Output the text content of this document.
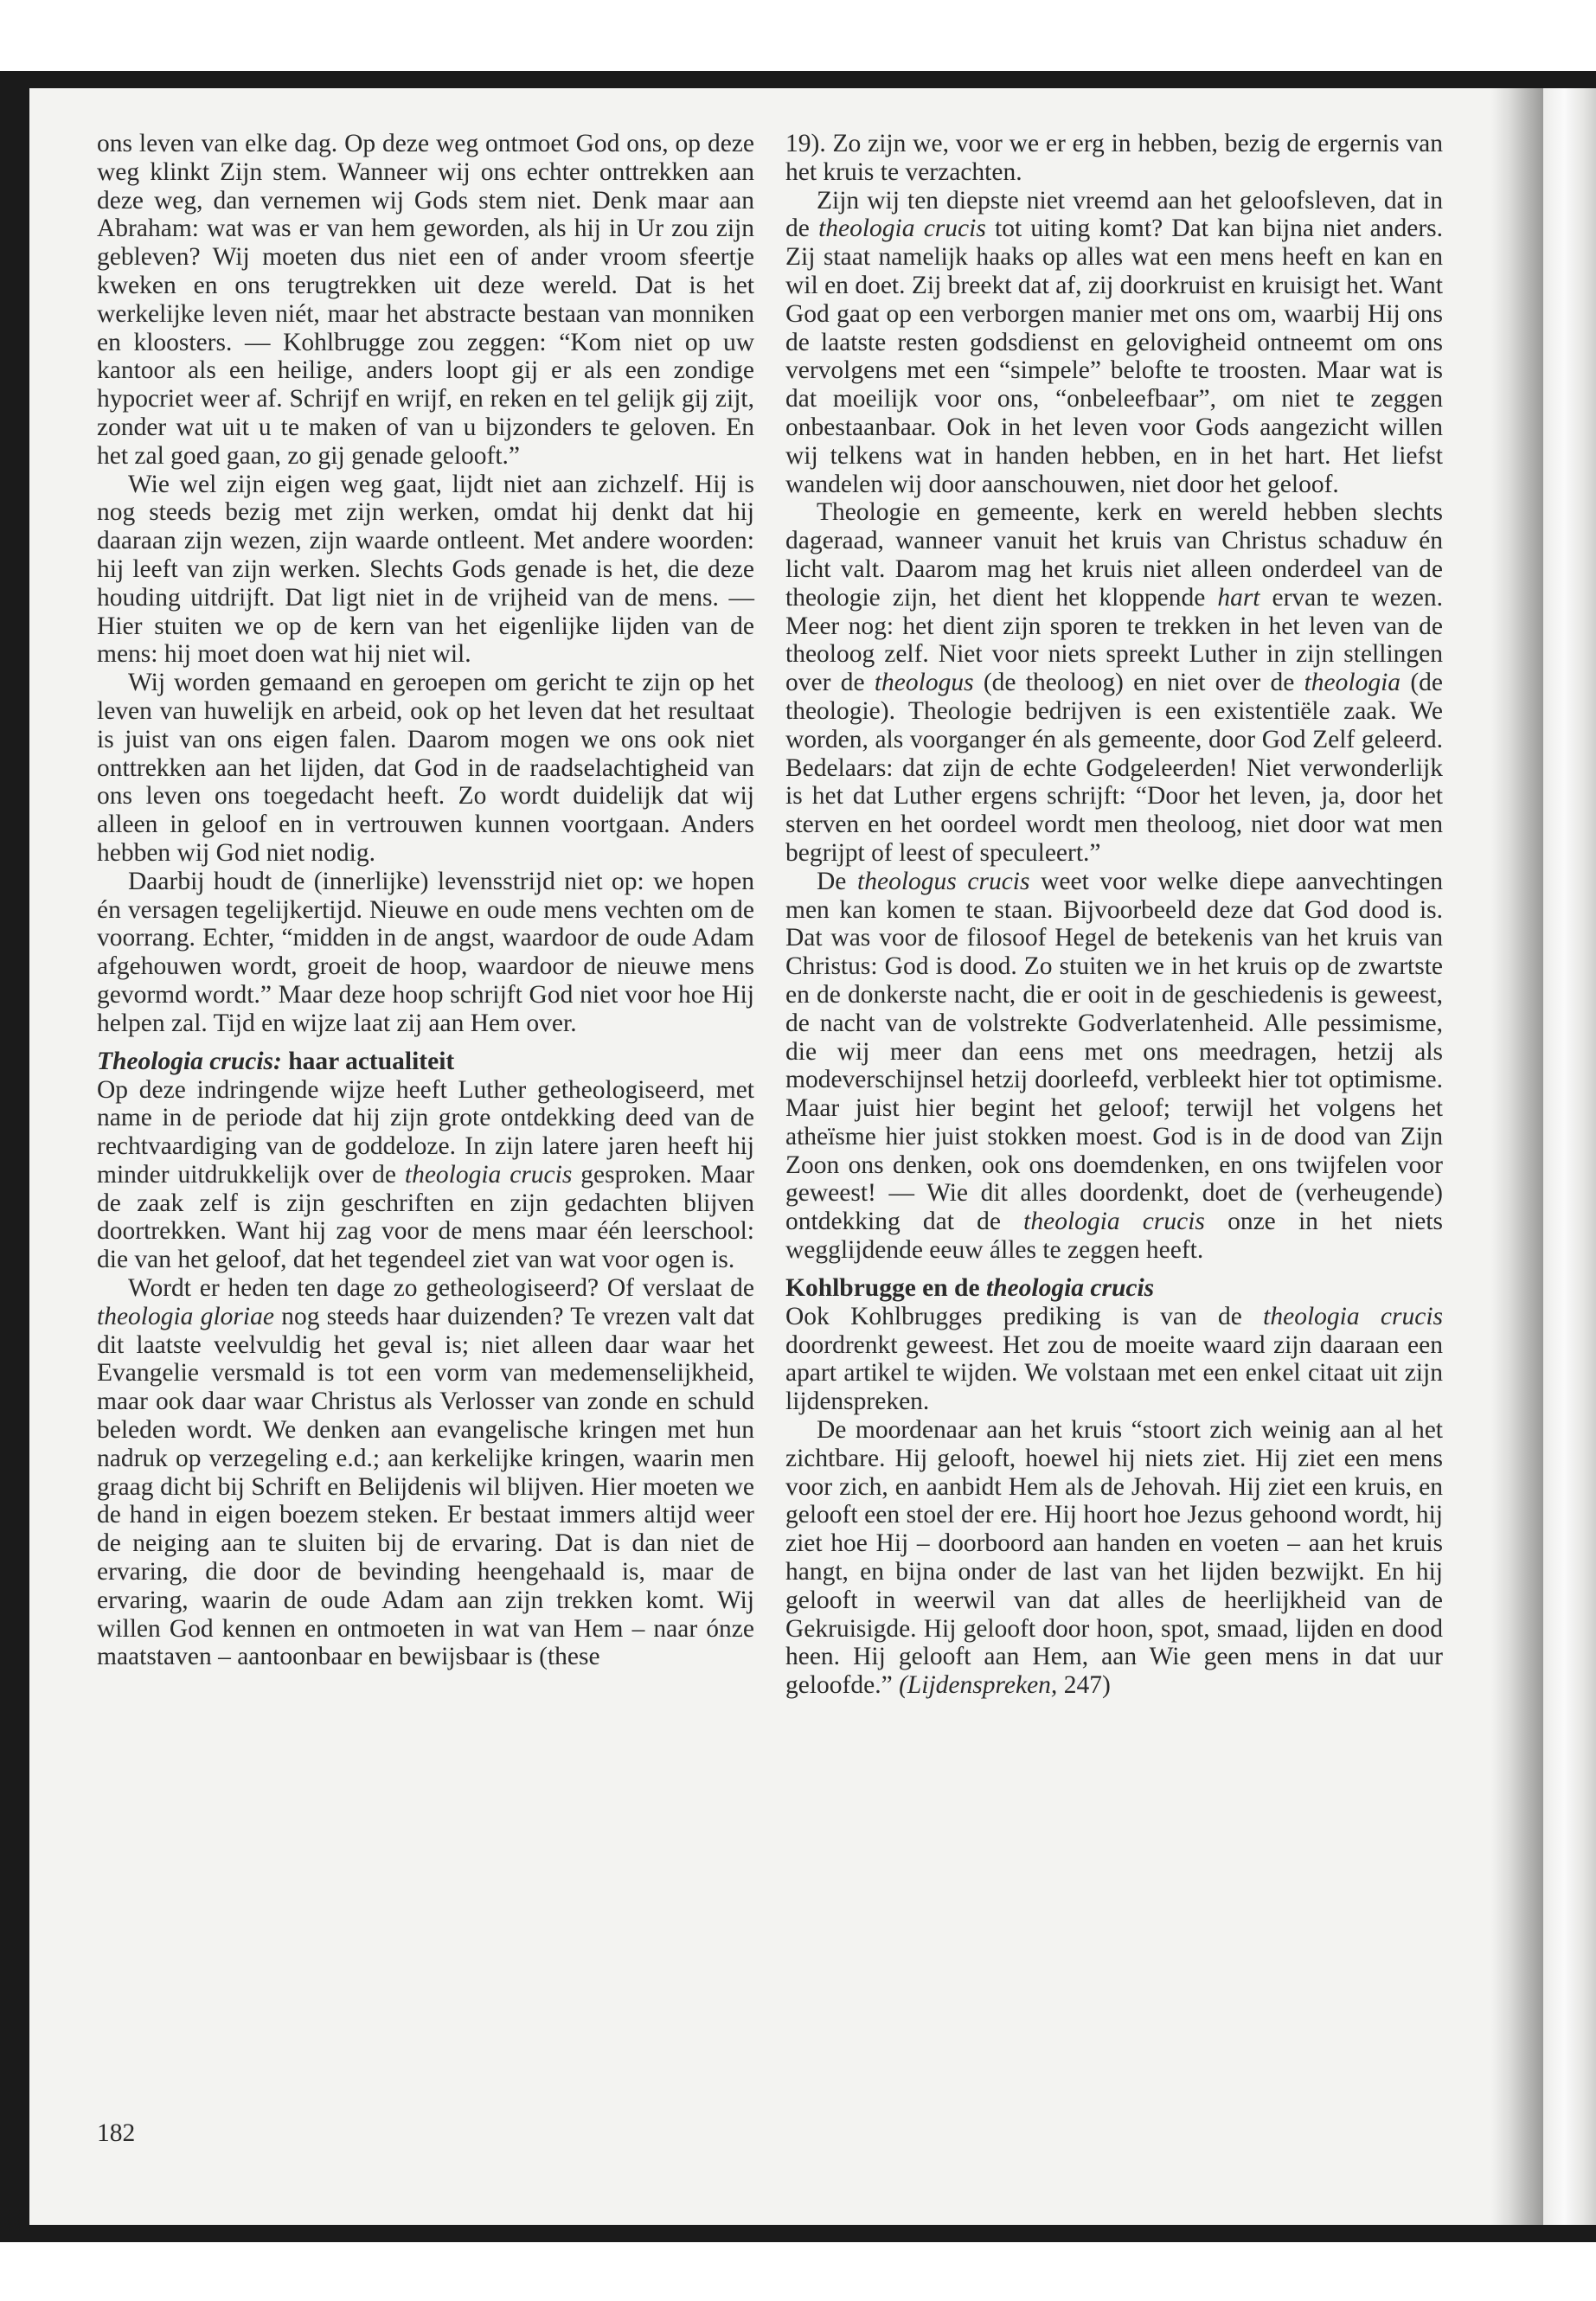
ons leven van elke dag. Op deze weg ontmoet God ons, op deze weg klinkt Zijn stem. Wanneer wij ons echter onttrekken aan deze weg, dan vernemen wij Gods stem niet. Denk maar aan Abraham: wat was er van hem geworden, als hij in Ur zou zijn gebleven? Wij moeten dus niet een of ander vroom sfeertje kweken en ons terugtrekken uit deze wereld. Dat is het werkelijke leven niét, maar het abstracte bestaan van monniken en kloosters. — Kohlbrugge zou zeggen: “Kom niet op uw kantoor als een heilige, anders loopt gij er als een zondige hypocriet weer af. Schrijf en wrijf, en reken en tel gelijk gij zijt, zonder wat uit u te maken of van u bijzonders te geloven. En het zal goed gaan, zo gij genade gelooft.”

Wie wel zijn eigen weg gaat, lijdt niet aan zichzelf. Hij is nog steeds bezig met zijn werken, omdat hij denkt dat hij daaraan zijn wezen, zijn waarde ontleent. Met andere woorden: hij leeft van zijn werken. Slechts Gods genade is het, die deze houding uitdrijft. Dat ligt niet in de vrijheid van de mens. — Hier stuiten we op de kern van het eigenlijke lijden van de mens: hij moet doen wat hij niet wil.

Wij worden gemaand en geroepen om gericht te zijn op het leven van huwelijk en arbeid, ook op het leven dat het resultaat is juist van ons eigen falen. Daarom mogen we ons ook niet onttrekken aan het lijden, dat God in de raadselachtigheid van ons leven ons toegedacht heeft. Zo wordt duidelijk dat wij alleen in geloof en in vertrouwen kunnen voortgaan. Anders hebben wij God niet nodig.

Daarbij houdt de (innerlijke) levensstrijd niet op: we hopen én versagen tegelijkertijd. Nieuwe en oude mens vechten om de voorrang. Echter, “midden in de angst, waardoor de oude Adam afgehouwen wordt, groeit de hoop, waardoor de nieuwe mens gevormd wordt.” Maar deze hoop schrijft God niet voor hoe Hij helpen zal. Tijd en wijze laat zij aan Hem over.

Theologia crucis: haar actualiteit

Op deze indringende wijze heeft Luther getheologiseerd, met name in de periode dat hij zijn grote ontdekking deed van de rechtvaardiging van de goddeloze. In zijn latere jaren heeft hij minder uitdrukkelijk over de theologia crucis gesproken. Maar de zaak zelf is zijn geschriften en zijn gedachten blijven doortrekken. Want hij zag voor de mens maar één leerschool: die van het geloof, dat het tegendeel ziet van wat voor ogen is.

Wordt er heden ten dage zo getheologiseerd? Of verslaat de theologia gloriae nog steeds haar duizenden? Te vrezen valt dat dit laatste veelvuldig het geval is; niet alleen daar waar het Evangelie versmald is tot een vorm van medemenselijkheid, maar ook daar waar Christus als Verlosser van zonde en schuld beleden wordt. We denken aan evangelische kringen met hun nadruk op verzegeling e.d.; aan kerkelijke kringen, waarin men graag dicht bij Schrift en Belijdenis wil blijven. Hier moeten we de hand in eigen boezem steken. Er bestaat immers altijd weer de neiging aan te sluiten bij de ervaring. Dat is dan niet de ervaring, die door de bevinding heengehaald is, maar de ervaring, waarin de oude Adam aan zijn trekken komt. Wij willen God kennen en ontmoeten in wat van Hem – naar ónze maatstaven – aantoonbaar en bewijsbaar is (these

19). Zo zijn we, voor we er erg in hebben, bezig de ergernis van het kruis te verzachten.

Zijn wij ten diepste niet vreemd aan het geloofsleven, dat in de theologia crucis tot uiting komt? Dat kan bijna niet anders. Zij staat namelijk haaks op alles wat een mens heeft en kan en wil en doet. Zij breekt dat af, zij doorkruist en kruisigt het. Want God gaat op een verborgen manier met ons om, waarbij Hij ons de laatste resten godsdienst en gelovigheid ontneemt om ons vervolgens met een “simpele” belofte te troosten. Maar wat is dat moeilijk voor ons, “onbeleefbaar”, om niet te zeggen onbestaanbaar. Ook in het leven voor Gods aangezicht willen wij telkens wat in handen hebben, en in het hart. Het liefst wandelen wij door aanschouwen, niet door het geloof.

Theologie en gemeente, kerk en wereld hebben slechts dageraad, wanneer vanuit het kruis van Christus schaduw én licht valt. Daarom mag het kruis niet alleen onderdeel van de theologie zijn, het dient het kloppende hart ervan te wezen. Meer nog: het dient zijn sporen te trekken in het leven van de theoloog zelf. Niet voor niets spreekt Luther in zijn stellingen over de theologus (de theoloog) en niet over de theologia (de theologie). Theologie bedrijven is een existentiële zaak. We worden, als voorganger én als gemeente, door God Zelf geleerd. Bedelaars: dat zijn de echte Godgeleerden! Niet verwonderlijk is het dat Luther ergens schrijft: “Door het leven, ja, door het sterven en het oordeel wordt men theoloog, niet door wat men begrijpt of leest of speculeert.”

De theologus crucis weet voor welke diepe aanvechtingen men kan komen te staan. Bijvoorbeeld deze dat God dood is. Dat was voor de filosoof Hegel de betekenis van het kruis van Christus: God is dood. Zo stuiten we in het kruis op de zwartste en de donkerste nacht, die er ooit in de geschiedenis is geweest, de nacht van de volstrekte Godverlatenheid. Alle pessimisme, die wij meer dan eens met ons meedragen, hetzij als modeverschijnsel hetzij doorleefd, verbleekt hier tot optimisme. Maar juist hier begint het geloof; terwijl het volgens het atheïsme hier juist stokken moest. God is in de dood van Zijn Zoon ons denken, ook ons doemdenken, en ons twijfelen voor geweest! — Wie dit alles doordenkt, doet de (verheugende) ontdekking dat de theologia crucis onze in het niets wegglijdende eeuw álles te zeggen heeft.

Kohlbrugge en de theologia crucis

Ook Kohlbrugges prediking is van de theologia crucis doordrenkt geweest. Het zou de moeite waard zijn daaraan een apart artikel te wijden. We volstaan met een enkel citaat uit zijn lijdenspreken.

De moordenaar aan het kruis “stoort zich weinig aan al het zichtbare. Hij gelooft, hoewel hij niets ziet. Hij ziet een mens voor zich, en aanbidt Hem als de Jehovah. Hij ziet een kruis, en gelooft een stoel der ere. Hij hoort hoe Jezus gehoond wordt, hij ziet hoe Hij – doorboord aan handen en voeten – aan het kruis hangt, en bijna onder de last van het lijden bezwijkt. En hij gelooft in weerwil van dat alles de heerlijkheid van de Gekruisigde. Hij gelooft door hoon, spot, smaad, lijden en dood heen. Hij gelooft aan Hem, aan Wie geen mens in dat uur geloofde.” (Lijdenspreken, 247)

182
